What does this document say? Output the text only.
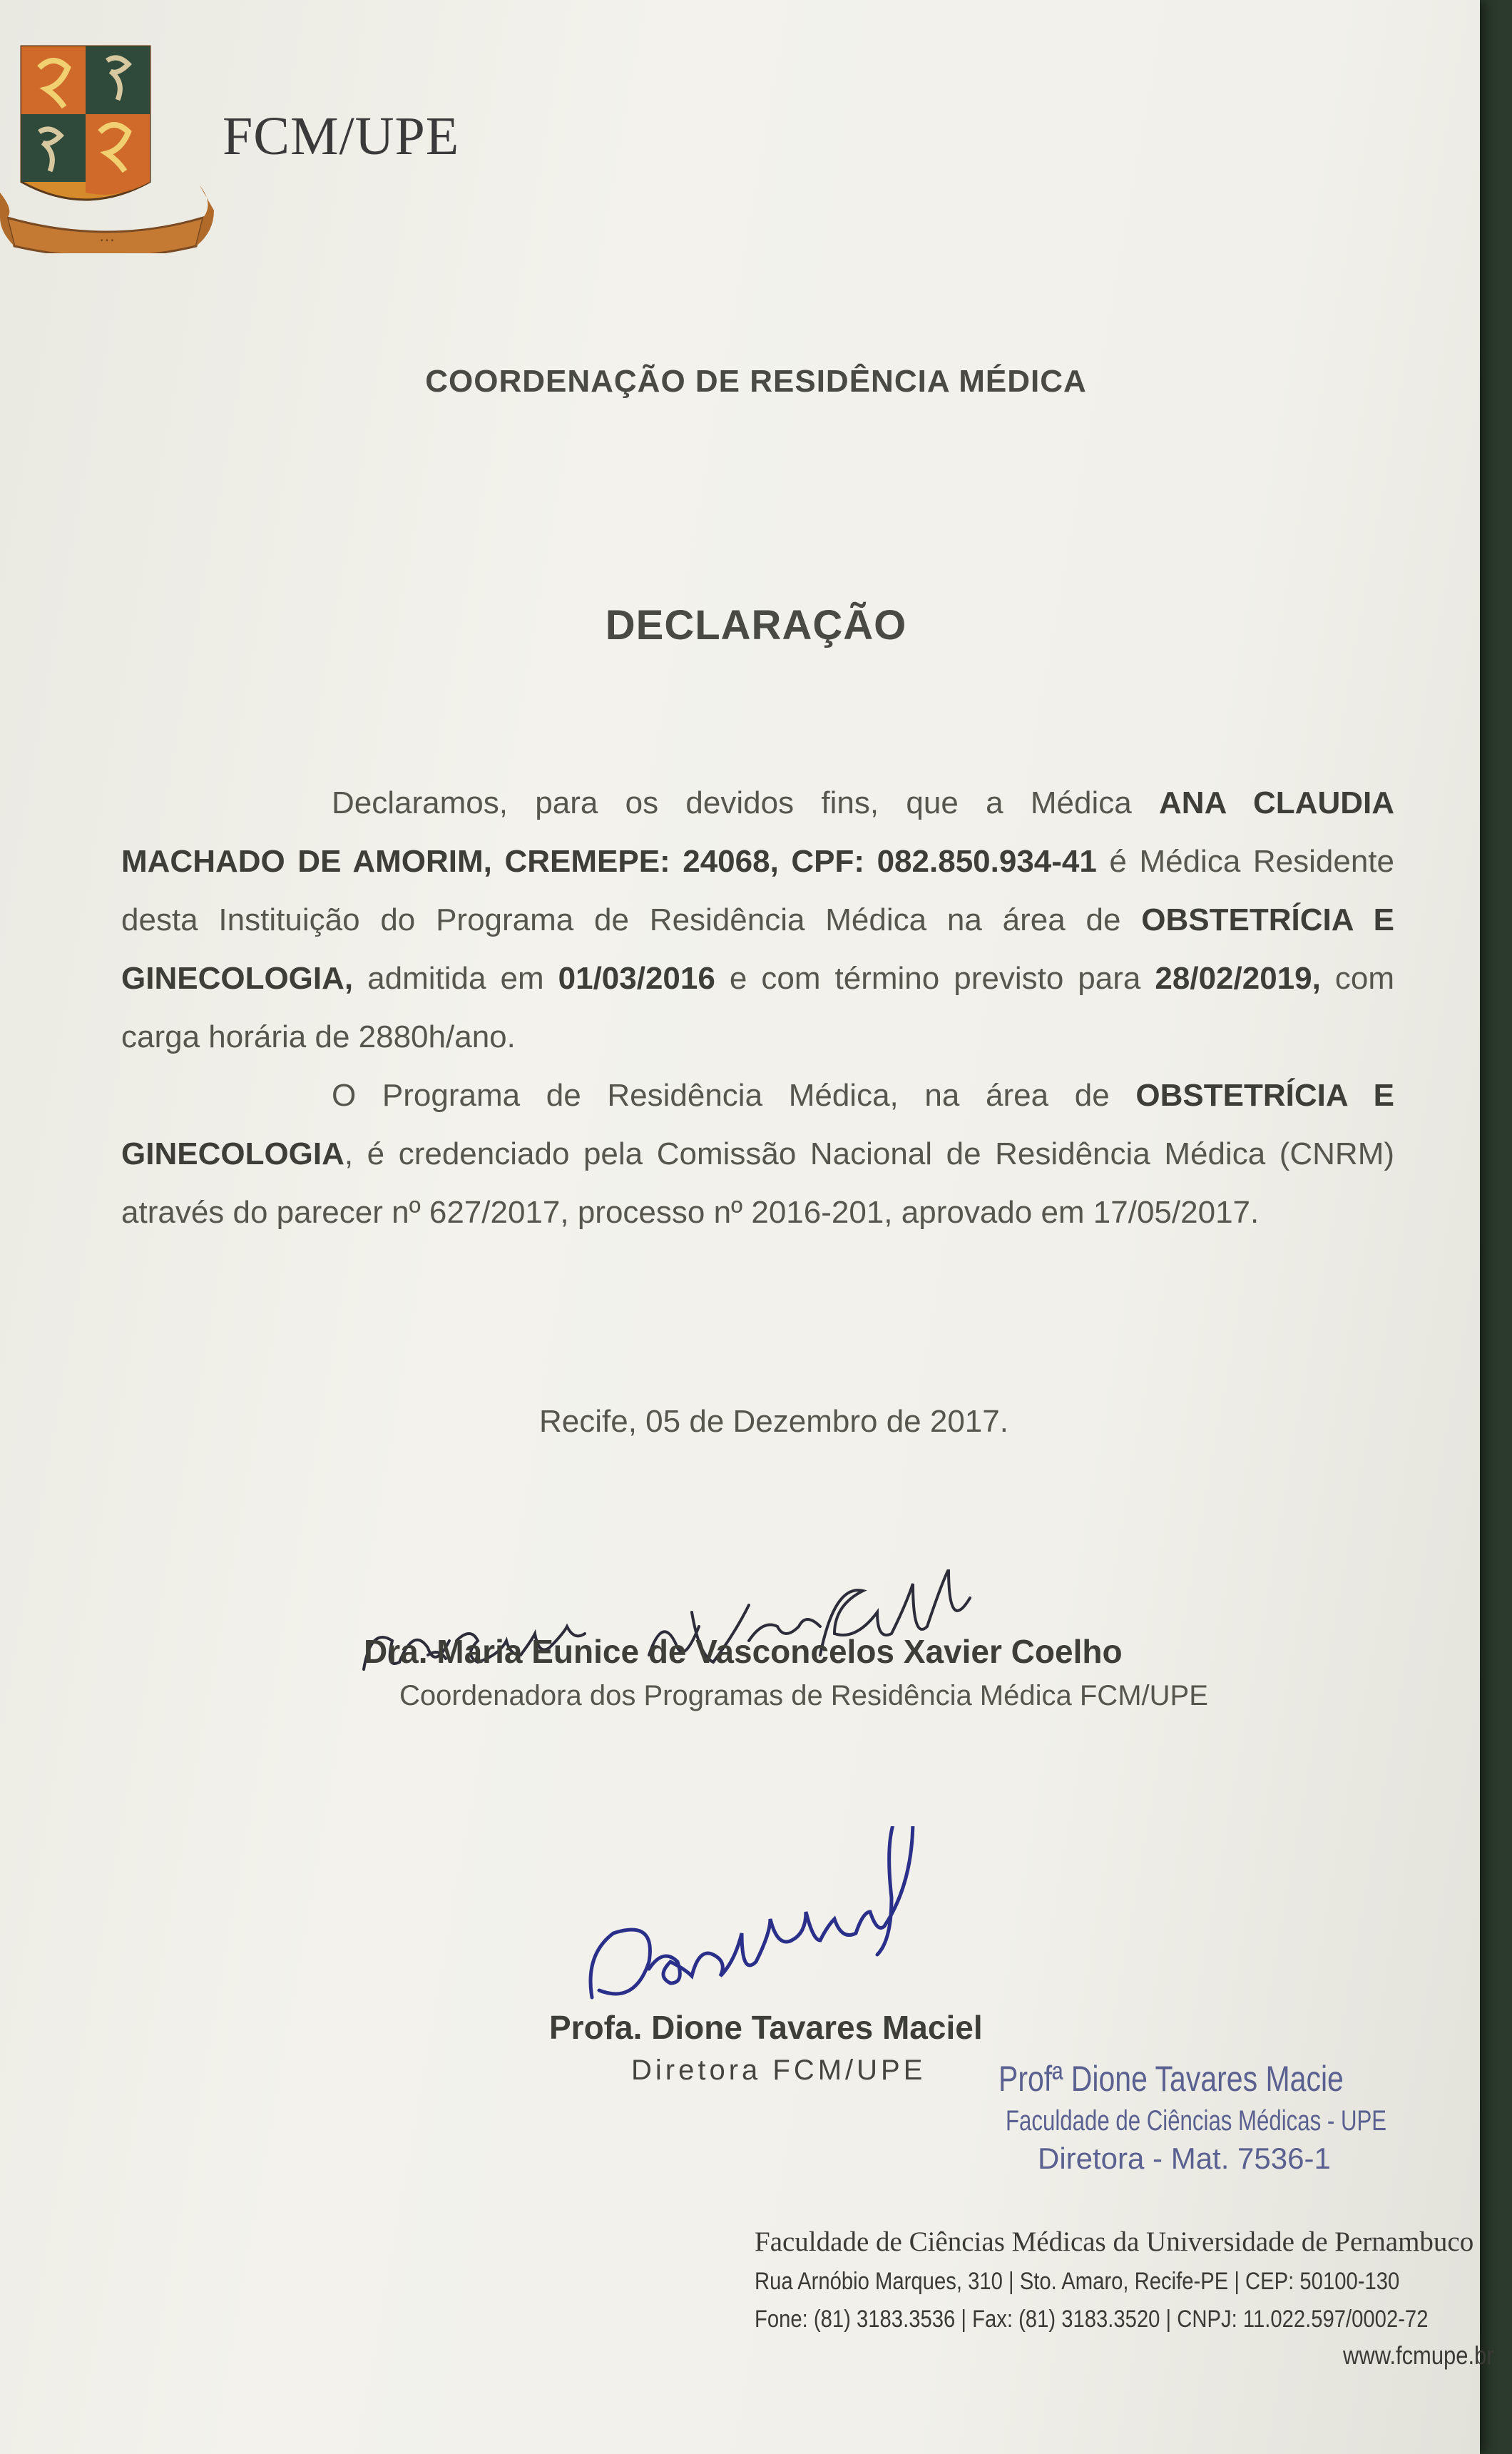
…
FCM/UPE
COORDENAÇÃO DE RESIDÊNCIA MÉDICA
DECLARAÇÃO

Declaramos, para os devidos fins, que a Médica ANA CLAUDIA MACHADO DE AMORIM, CREMEPE: 24068, CPF: 082.850.934-41 é Médica Residente desta Instituição do Programa de Residência Médica na área de OBSTETRÍCIA E GINECOLOGIA, admitida em 01/03/2016 e com término previsto para 28/02/2019, com carga horária de 2880h/ano.

O Programa de Residência Médica, na área de OBSTETRÍCIA E GINECOLOGIA, é credenciado pela Comissão Nacional de Residência Médica (CNRM) através do parecer nº 627/2017, processo nº 2016-201, aprovado em 17/05/2017.

Recife, 05 de Dezembro de 2017.
Dra. Maria Eunice de Vasconcelos Xavier Coelho
Coordenadora dos Programas de Residência Médica FCM/UPE
Profa. Dione Tavares Maciel
Diretora FCM/UPE Profª Dione Tavares Macie
Faculdade de Ciências Médicas - UPE
Diretora - Mat. 7536-1
Faculdade de Ciências Médicas da Universidade de Pernambuco
Rua Arnóbio Marques, 310 | Sto. Amaro, Recife-PE | CEP: 50100-130
Fone: (81) 3183.3536 | Fax: (81) 3183.3520 | CNPJ: 11.022.597/0002-72
www.fcmupe.br
